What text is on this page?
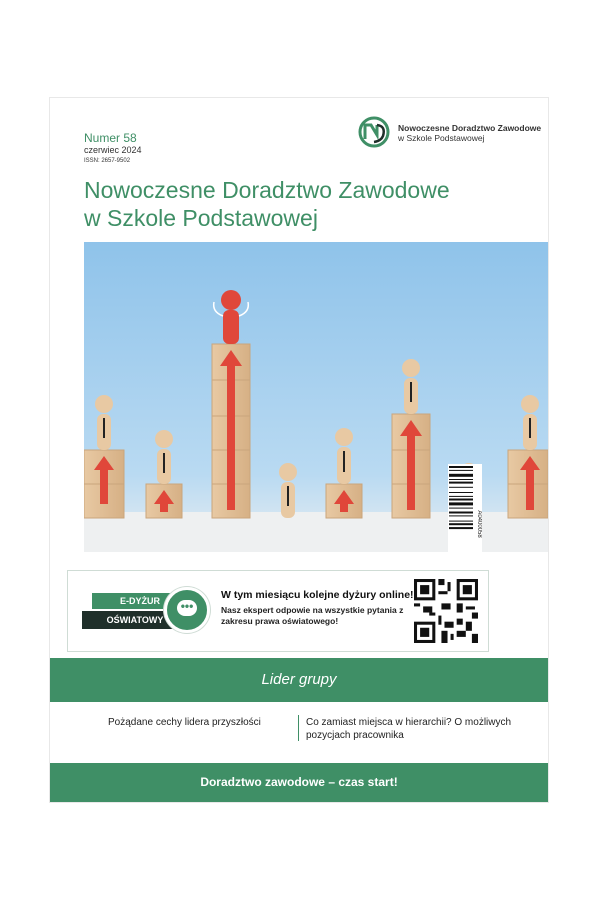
Numer 58
czerwiec 2024
ISSN: 2657-9502
Nowoczesne Doradztwo Zawodowe
w Szkole Podstawowej
Nowoczesne Doradztwo Zawodowe
w Szkole Podstawowej
E-DYŻUR
OŚWIATOWY
•••
W tym miesiącu kolejne dyżury online!
Nasz ekspert odpowie na wszystkie pytania z zakresu prawa oświatowego!
Lider grupy
Pożądane cechy lidera przyszłości	Co zamiast miejsca w hierarchii? O możliwych pozycjach pracownika
Doradztwo zawodowe – czas start!
A0400058
